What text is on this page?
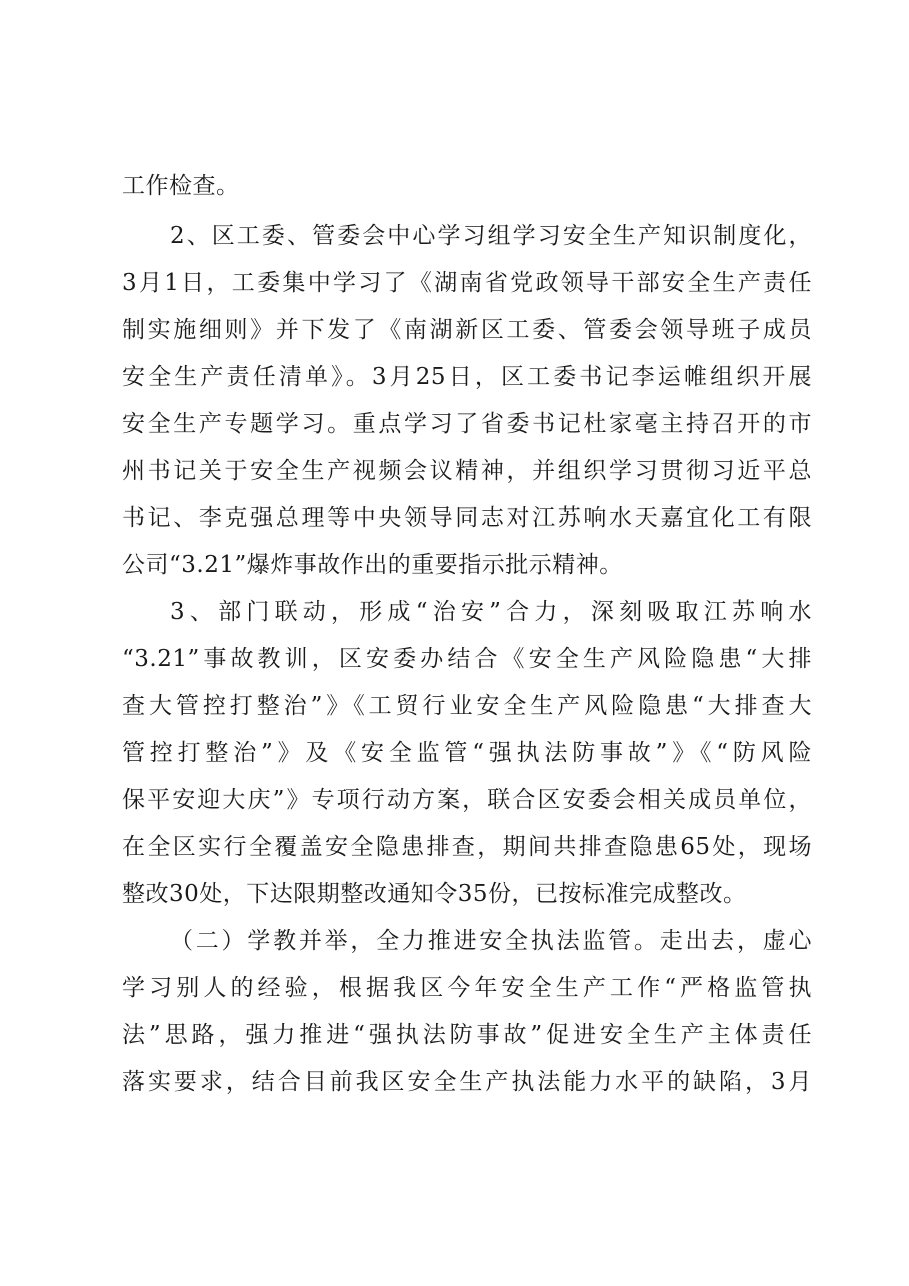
工作检查。
2、区工委、管委会中心学习组学习安全生产知识制度化，
3月1日，工委集中学习了《湖南省党政领导干部安全生产责任
制实施细则》并下发了《南湖新区工委、管委会领导班子成员
安全生产责任清单》。3月25日，区工委书记李运帷组织开展
安全生产专题学习。重点学习了省委书记杜家毫主持召开的市
州书记关于安全生产视频会议精神，并组织学习贯彻习近平总
书记、李克强总理等中央领导同志对江苏响水天嘉宜化工有限
公司“3.21”爆炸事故作出的重要指示批示精神。
3、部门联动，形成“治安”合力，深刻吸取江苏响水
“3.21”事故教训，区安委办结合《安全生产风险隐患“大排
查大管控打整治”》《工贸行业安全生产风险隐患“大排查大
管控打整治”》及《安全监管“强执法防事故”》《“防风险
保平安迎大庆”》专项行动方案，联合区安委会相关成员单位，
在全区实行全覆盖安全隐患排查，期间共排查隐患65处，现场
整改30处，下达限期整改通知令35份，已按标准完成整改。
（二）学教并举，全力推进安全执法监管。走出去，虚心
学习别人的经验，根据我区今年安全生产工作“严格监管执
法”思路，强力推进“强执法防事故”促进安全生产主体责任
落实要求，结合目前我区安全生产执法能力水平的缺陷，3月
